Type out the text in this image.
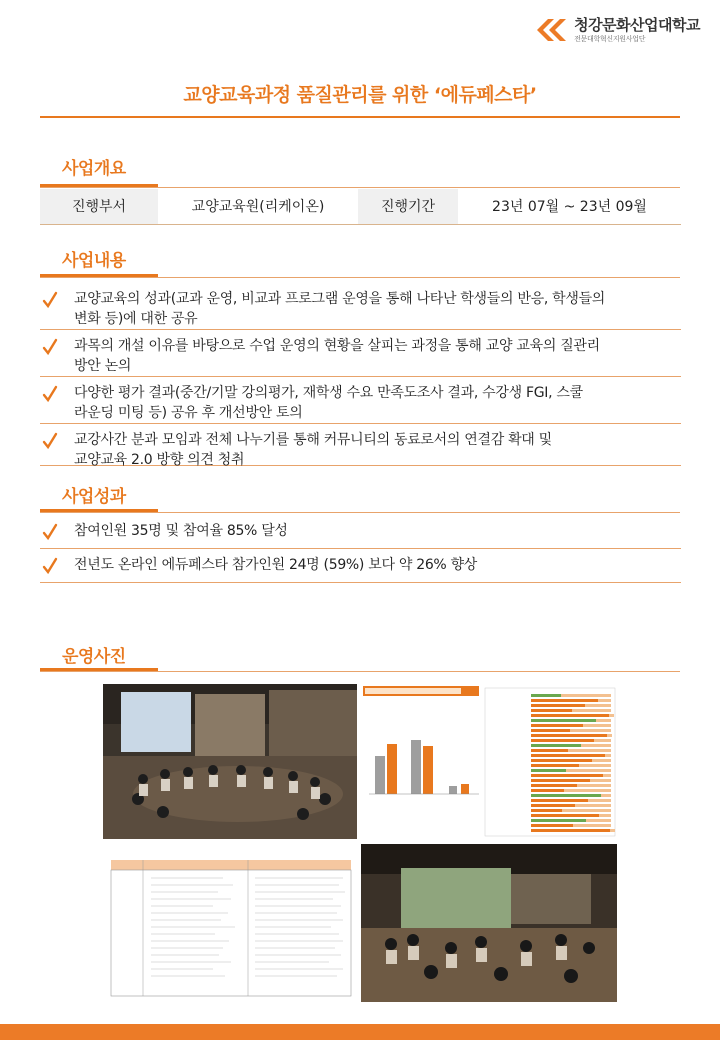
청강문화산업대학교
전문대학혁신지원사업단
교양교육과정 품질관리를 위한 ‘에듀페스타’
사업개요
진행부서	교양교육원(리케이온)	진행기간	23년 07월 ~ 23년 09월
사업내용
교양교육의 성과(교과 운영, 비교과 프로그램 운영을 통해 나타난 학생들의 반응, 학생들의
변화 등)에 대한 공유
과목의 개설 이유를 바탕으로 수업 운영의 현황을 살피는 과정을 통해 교양 교육의 질관리
방안 논의
다양한 평가 결과(중간/기말 강의평가, 재학생 수요 만족도조사 결과, 수강생 FGI, 스쿨
라운딩 미팅 등) 공유 후 개선방안 토의
교강사간 분과 모임과 전체 나누기를 통해 커뮤니티의 동료로서의 연결감 확대 및
교양교육 2.0 방향 의견 청취
사업성과
참여인원 35명 및 참여율 85% 달성
전년도 온라인 에듀페스타 참가인원 24명 (59%) 보다 약 26% 향상
운영사진
